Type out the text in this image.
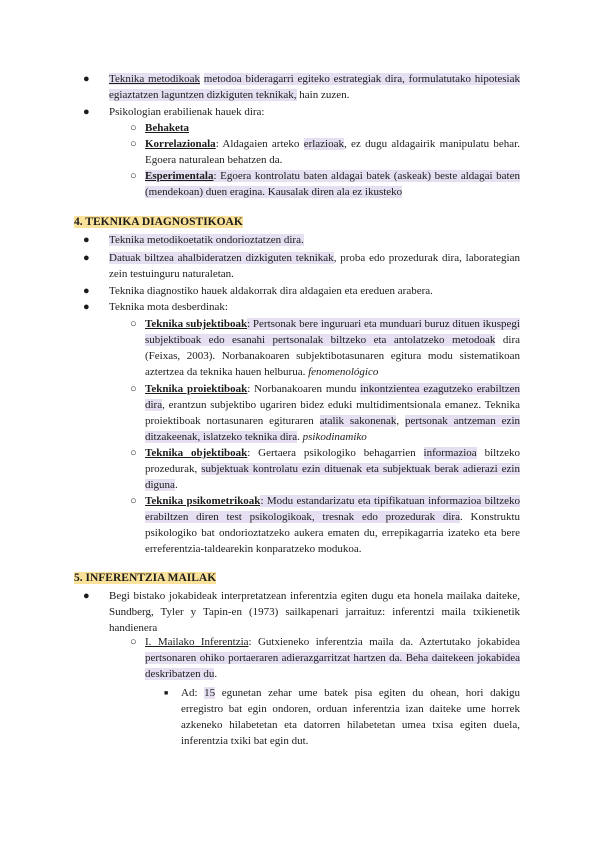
● Teknika metodikoak metodoa bideragarri egiteko estrategiak dira, formulatutako hipotesiak egiaztatzen laguntzen dizkiguten teknikak, hain zuzen.
● Psikologian erabilienak hauek dira:
○ Behaketa
○ Korrelazionala: Aldagaien arteko erlazioak, ez dugu aldagairik manipulatu behar. Egoera naturalean behatzen da.
○ Esperimentala: Egoera kontrolatu baten aldagai batek (askeak) beste aldagai baten (mendekoan) duen eragina. Kausalak diren ala ez ikusteko
4. TEKNIKA DIAGNOSTIKOAK
● Teknika metodikoetatik ondorioztatzen dira.
● Datuak biltzea ahalbideratzen dizkiguten teknikak, proba edo prozedurak dira, laborategian zein testuinguru naturaletan.
● Teknika diagnostiko hauek aldakorrak dira aldagaien eta ereduen arabera.
● Teknika mota desberdinak:
○ Teknika subjektiboak: Pertsonak bere inguruari eta munduari buruz dituen ikuspegi subjektiboak edo esanahi pertsonalak biltzeko eta antolatzeko metodoak dira (Feixas, 2003). Norbanakoaren subjektibotasunaren egitura modu sistematikoan aztertzea da teknika hauen helburua. fenomenológico
○ Teknika proiektiboak: Norbanakoaren mundu inkontzientea ezagutzeko erabiltzen dira, erantzun subjektibo ugariren bidez eduki multidimentsionala emanez. Teknika proiektiboak nortasunaren egituraren atalik sakonenak, pertsonak antzeman ezin ditzakeenak, islatzeko teknika dira. psikodinamiko
○ Teknika objektiboak: Gertaera psikologiko behagarrien informazioa biltzeko prozedurak, subjektuak kontrolatu ezin dituenak eta subjektuak berak adierazi ezin diguna.
○ Teknika psikometrikoak: Modu estandarizatu eta tipifikatuan informazioa biltzeko erabiltzen diren test psikologikoak, tresnak edo prozedurak dira. Konstruktu psikologiko bat ondorioztatzeko aukera ematen du, errepikagarria izateko eta bere erreferentzia-taldearekin konparatzeko modukoa.
5. INFERENTZIA MAILAK
● Begi bistako jokabideak interpretatzean inferentzia egiten dugu eta honela mailaka daiteke, Sundberg, Tyler y Tapin-en (1973) sailkapenari jarraituz: inferentzi maila txikienetik handienera
○ I. Mailako Inferentzia: Gutxieneko inferentzia maila da. Aztertutako jokabidea pertsonaren ohiko portaeraren adierazgarritzat hartzen da. Beha daitekeen jokabidea deskribatzen du.
■ Ad: 15 egunetan zehar ume batek pisa egiten du ohean, hori dakigu erregistro bat egin ondoren, orduan inferentzia izan daiteke ume horrek azkeneko hilabetetan eta datorren hilabetetan umea txisa egiten duela, inferentzia txiki bat egin dut.
